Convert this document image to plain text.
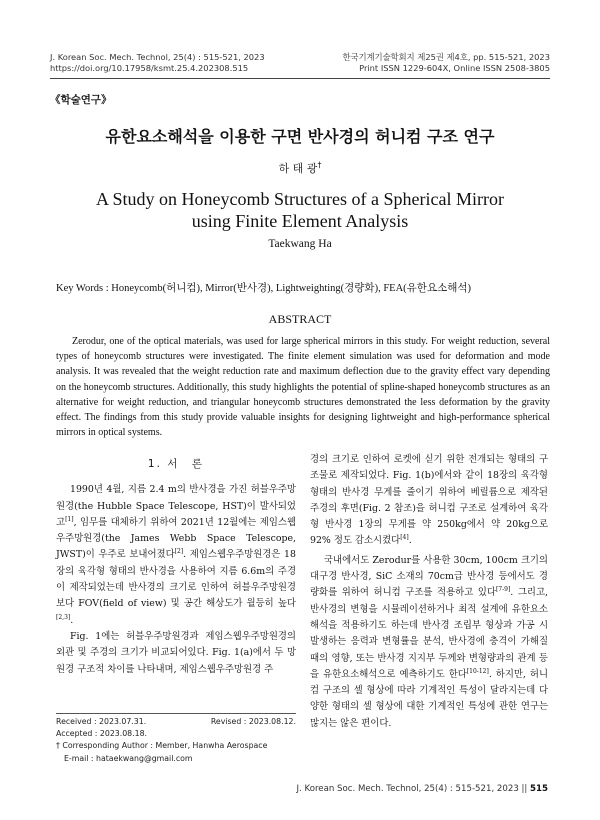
J. Korean Soc. Mech. Technol, 25(4) : 515-521, 2023	한국기계기술학회지 제25권 제4호, pp. 515-521, 2023
https://doi.org/10.17958/ksmt.25.4.202308.515	Print ISSN 1229-604X, Online ISSN 2508-3805
《학술연구》
유한요소해석을 이용한 구면 반사경의 허니컴 구조 연구
하 태 광†
A Study on Honeycomb Structures of a Spherical Mirror
using Finite Element Analysis
Taekwang Ha
Key Words : Honeycomb(허니컴), Mirror(반사경), Lightweighting(경량화), FEA(유한요소해석)
ABSTRACT

Zerodur, one of the optical materials, was used for large spherical mirrors in this study. For weight reduction, several types of honeycomb structures were investigated. The finite element simulation was used for deformation and mode analysis. It was revealed that the weight reduction rate and maximum deflection due to the gravity effect vary depending on the honeycomb structures. Additionally, this study highlights the potential of spline-shaped honeycomb structures as an alternative for weight reduction, and triangular honeycomb structures demonstrated the less deformation by the gravity effect. The findings from this study provide valuable insights for designing lightweight and high-performance spherical mirrors in optical systems.

1. 서　론

1990년 4월, 지름 2.4 m의 반사경을 가진 허블우주망원경(the Hubble Space Telescope, HST)이 발사되었고[1], 임무를 대체하기 위하여 2021년 12월에는 제임스웹우주망원경(the James Webb Space Telescope, JWST)이 우주로 보내어졌다[2]. 제임스웹우주망원경은 18장의 육각형 형태의 반사경을 사용하여 지름 6.6m의 주경이 제작되었는데 반사경의 크기로 인하여 허블우주망원경보다 FOV(field of view) 및 공간 해상도가 월등히 높다[2,3].

Fig. 1에는 허블우주망원경과 제임스웹우주망원경의 외관 및 주경의 크기가 비교되어있다. Fig. 1(a)에서 두 망원경 구조적 차이를 나타내며, 제임스웹우주망원경 주

경의 크기로 인하여 로켓에 싣기 위한 전개되는 형태의 구조물로 제작되었다. Fig. 1(b)에서와 같이 18장의 육각형 형태의 반사경 무게를 줄이기 위하여 베릴륨으로 제작된 주경의 후면(Fig. 2 참조)을 허니컴 구조로 설계하여 육각형 반사경 1장의 무게를 약 250kg에서 약 20kg으로 92% 정도 감소시켰다[4].

국내에서도 Zerodur를 사용한 30cm, 100cm 크기의 대구경 반사경, SiC 소재의 70cm급 반사경 등에서도 경량화를 위하여 허니컴 구조를 적용하고 있다[7-9]. 그리고, 반사경의 변형을 시뮬레이션하거나 최적 설계에 유한요소해석을 적용하기도 하는데 반사경 조립부 형상과 가공 시 발생하는 응력과 변형률을 분석, 반사경에 충격이 가해질 때의 영향, 또는 반사경 지지부 두께와 변형량과의 관계 등을 유한요소해석으로 예측하기도 한다[10-12]. 하지만, 허니컴 구조의 셀 형상에 따라 기계적인 특성이 달라지는데 다양한 형태의 셀 형상에 대한 기계적인 특성에 관한 연구는 많지는 않은 편이다.

Received : 2023.07.31.	Revised : 2023.08.12.
Accepted : 2023.08.18.
† Corresponding Author : Member, Hanwha Aerospace
E-mail : hataekwang@gmail.com
J. Korean Soc. Mech. Technol, 25(4) : 515-521, 2023 || 515
